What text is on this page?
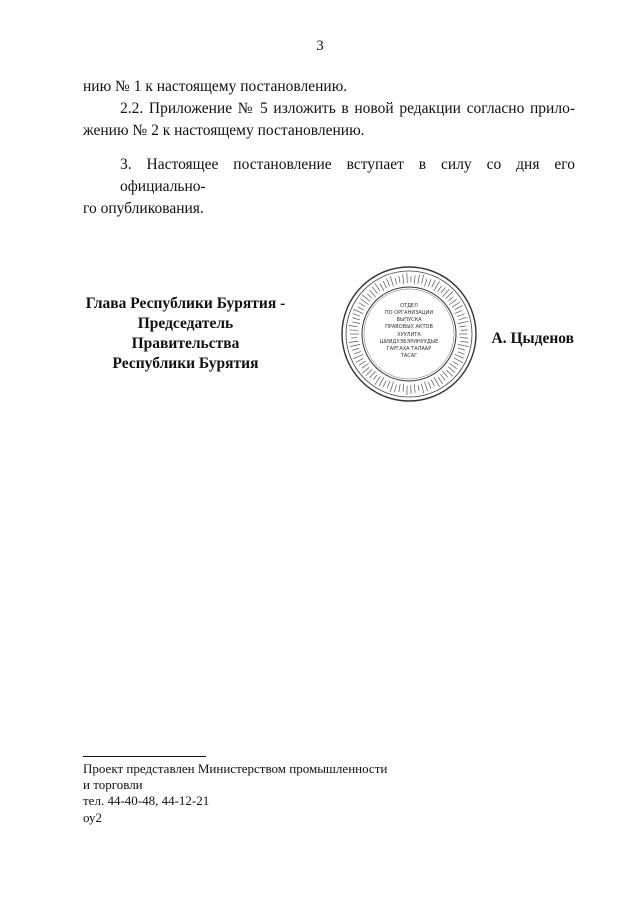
3
нию № 1 к настоящему постановлению.
2.2. Приложение № 5 изложить в новой редакции согласно прило-
жению № 2 к настоящему постановлению.
3. Настоящее постановление вступает в силу со дня его официально-
го опубликования.
Глава Республики Бурятия -
Председатель Правительства
Республики Бурятия
ОТДЕЛ
ПО ОРГАНИЗАЦИИ
ВЫПУСКА
ПРАВОВЫХ АКТОВ
ХУУЛИТА
ШИИДХЭБЭРИНУУДЫЕ
ГАРГАХА ТАЛААР
ТАСАГ
А. Цыденов
Проект представлен Министерством промышленности
и торговли
тел. 44-40-48, 44-12-21
оу2
